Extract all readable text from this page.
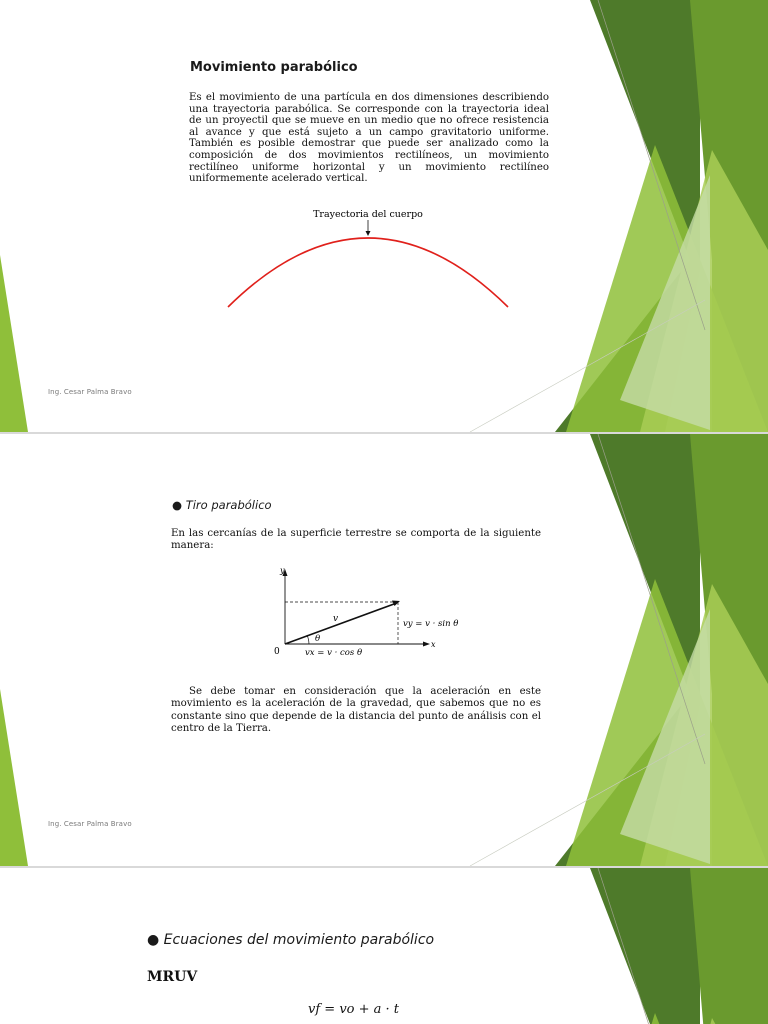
Movimiento parabólico

Es el movimiento de una partícula en dos dimensiones describiendo una trayectoria parabólica. Se corresponde con la trayectoria ideal de un proyectil que se mueve en un medio que no ofrece resistencia al avance y que está sujeto a un campo gravitatorio uniforme. También es posible demostrar que puede ser analizado como la composición de dos movimientos rectilíneos, un movimiento rectilíneo uniforme horizontal y un movimiento rectilíneo uniformemente acelerado vertical.

Trayectoria del cuerpo
Ing. Cesar Palma Bravo
● Tiro parabólico

En las cercanías de la superficie terrestre se comporta de la siguiente manera:

y
x
0
v
θ
vx = v · cos θ
vy = v · sin θ

Se debe tomar en consideración que la aceleración en este movimiento es la aceleración de la gravedad, que sabemos que no es constante sino que depende de la distancia del punto de análisis con el centro de la Tierra.

Ing. Cesar Palma Bravo
● Ecuaciones del movimiento parabólico
MRUV
vf = vo + a · t
